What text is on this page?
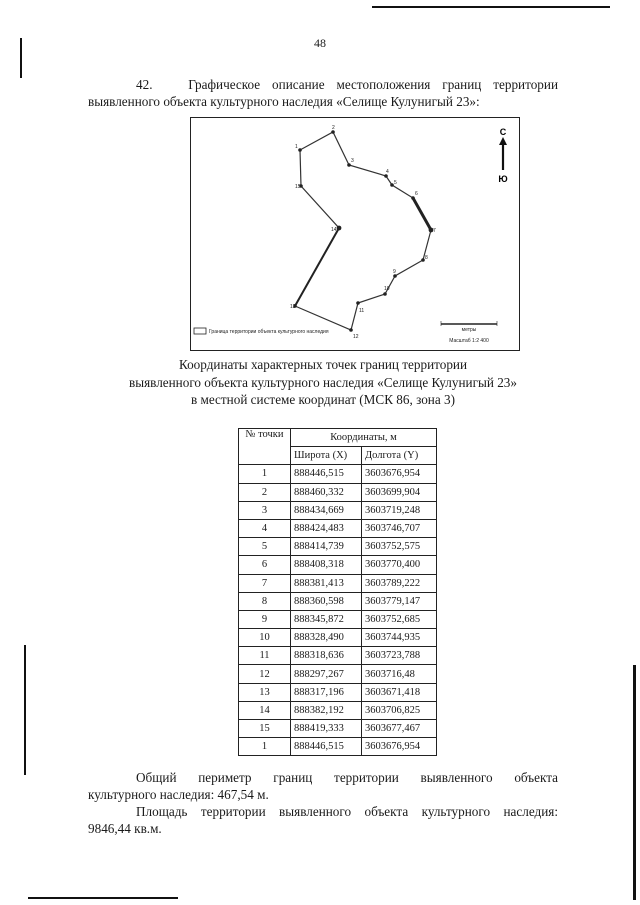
48
42.	Графическое описание местоположения границ территории
выявленного объекта культурного наследия «Селище Кулунигый 23»:
1
2
3
4
5
6
7
8
9
10
11
12
13
14
15
С
Ю
Граница территории объекта культурного наследия	метры
Масштаб 1:2 400
Координаты характерных точек границ территории
выявленного объекта культурного наследия «Селище Кулунигый 23»
в местной системе координат (МСК 86, зона 3)
№ точки	Координаты, м	
	Широта (X)	Долгота (Y)
1	888446,515	3603676,954
2	888460,332	3603699,904
3	888434,669	3603719,248
4	888424,483	3603746,707
5	888414,739	3603752,575
6	888408,318	3603770,400
7	888381,413	3603789,222
8	888360,598	3603779,147
9	888345,872	3603752,685
10	888328,490	3603744,935
11	888318,636	3603723,788
12	888297,267	3603716,48
13	888317,196	3603671,418
14	888382,192	3603706,825
15	888419,333	3603677,467
1	888446,515	3603676,954
Общий периметр границ территории выявленного объекта
культурного наследия: 467,54 м.
Площадь территории выявленного объекта культурного наследия:
9846,44 кв.м.
